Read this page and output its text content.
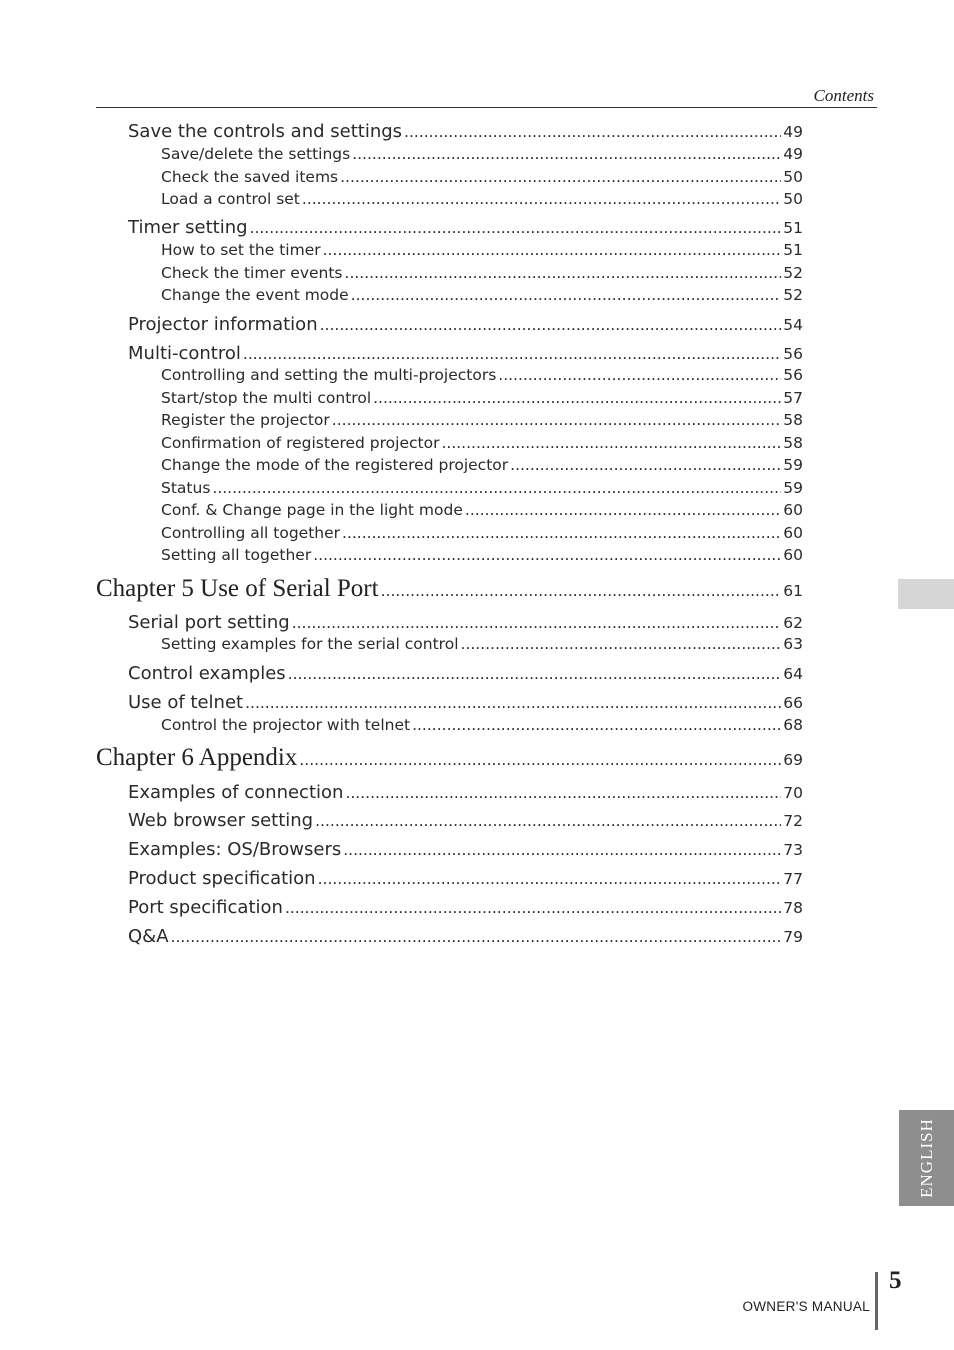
Contents
Save the controls and settings .....	49
Save/delete the settings .....	49
Check the saved items .....	50
Load a control set .....	50
Timer setting .....	51
How to set the timer .....	51
Check the timer events .....	52
Change the event mode .....	52
Projector information .....	54
Multi-control .....	56
Controlling and setting the multi-projectors .....	56
Start/stop the multi control .....	57
Register the projector .....	58
Confirmation of registered projector .....	58
Change the mode of the registered projector .....	59
Status .....	59
Conf. & Change page in the light mode .....	60
Controlling all together .....	60
Setting all together .....	60
Chapter 5 Use of Serial Port .....	61
Serial port setting .....	62
Setting examples for the serial control .....	63
Control examples .....	64
Use of telnet .....	66
Control the projector with telnet .....	68
Chapter 6 Appendix .....	69
Examples of connection .....	70
Web browser setting .....	72
Examples: OS/Browsers .....	73
Product specification .....	77
Port specification .....	78
Q&A .....	79
ENGLISH
OWNER'S MANUAL
5
